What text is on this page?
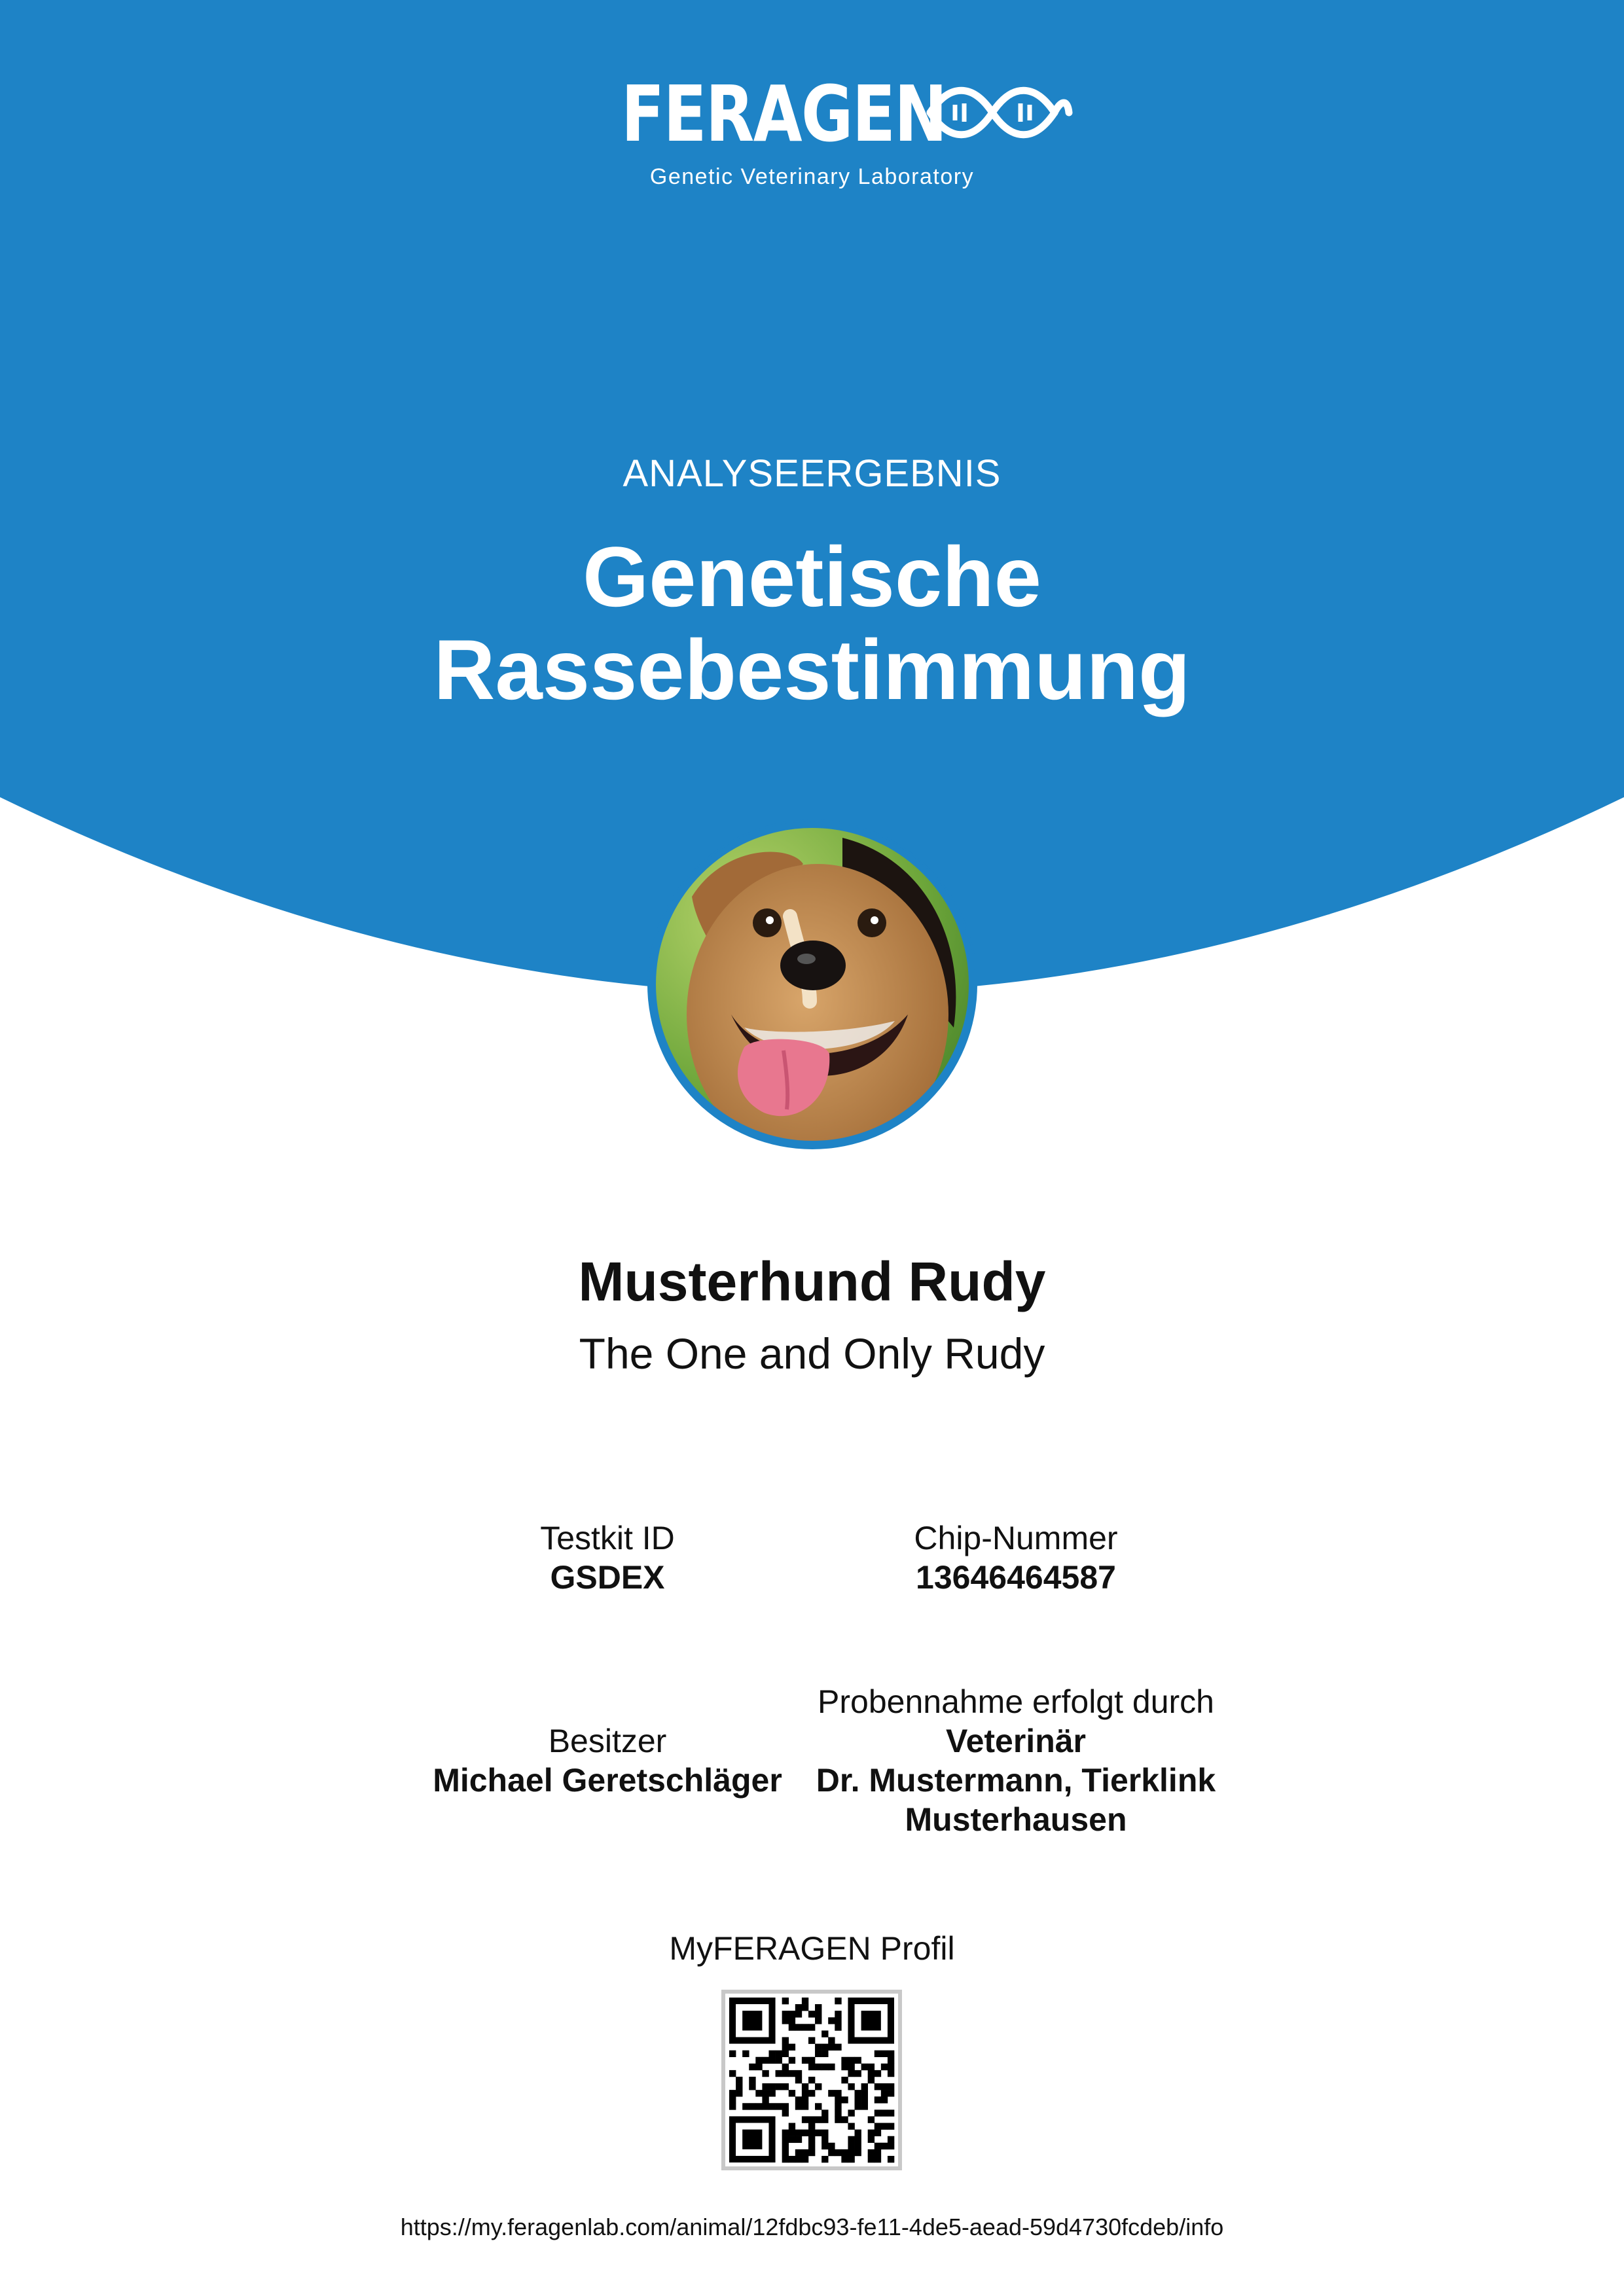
FERAGEN
Genetic Veterinary Laboratory
ANALYSEERGEBNIS
Genetische
Rassebestimmung
Musterhund Rudy
The One and Only Rudy
Testkit ID
GSDEX
Chip-Nummer
13646464587
Besitzer
Michael Geretschläger
Probennahme erfolgt durch
Veterinär
Dr. Mustermann, Tierklink
Musterhausen
MyFERAGEN Profil
https://my.feragenlab.com/animal/12fdbc93-fe11-4de5-aead-59d4730fcdeb/info
